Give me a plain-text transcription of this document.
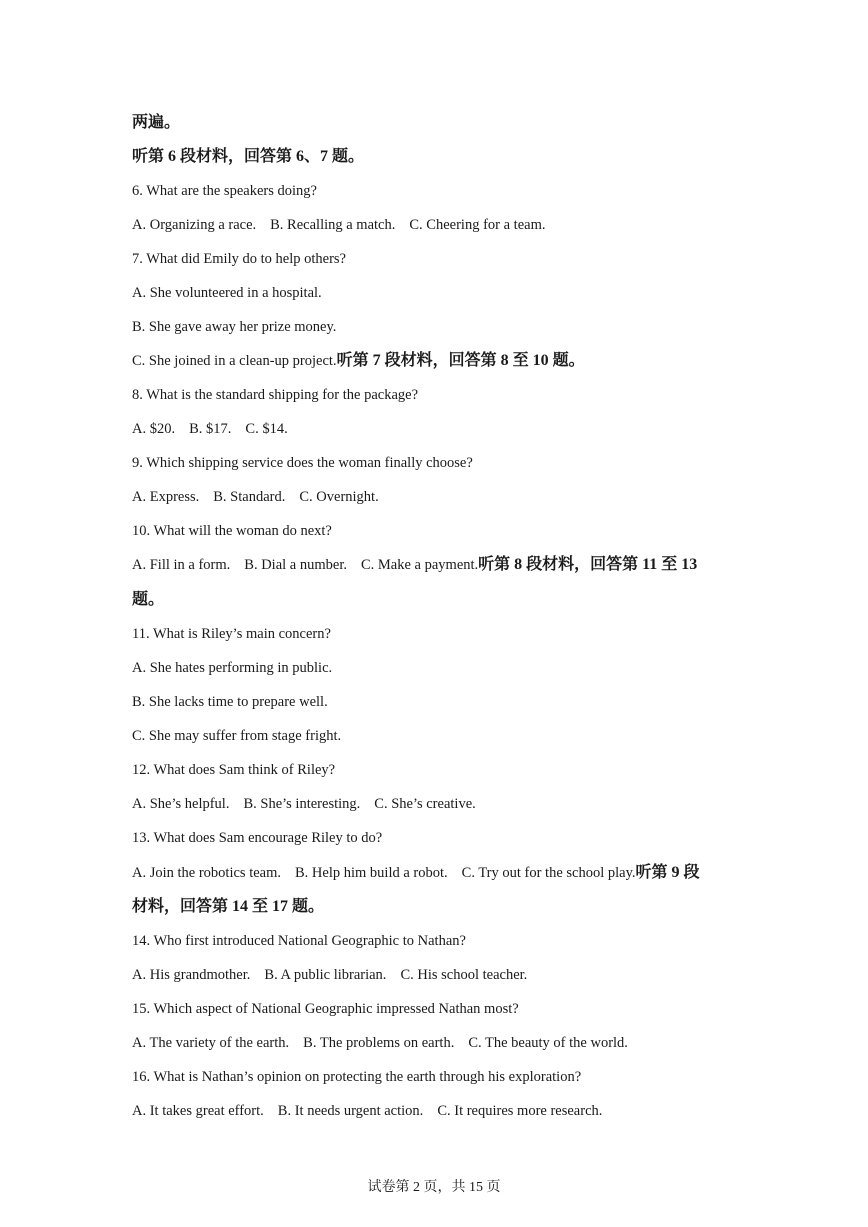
两遍。
听第 6 段材料，回答第 6、7 题。
6. What are the speakers doing?
A. Organizing a race. B. Recalling a match. C. Cheering for a team.
7. What did Emily do to help others?
A. She volunteered in a hospital.
B. She gave away her prize money.
C. She joined in a clean-up project.听第 7 段材料，回答第 8 至 10 题。
8. What is the standard shipping for the package?
A. $20. B. $17. C. $14.
9. Which shipping service does the woman finally choose?
A. Express. B. Standard. C. Overnight.
10. What will the woman do next?
A. Fill in a form. B. Dial a number. C. Make a payment.听第 8 段材料，回答第 11 至 13
题。
11. What is Riley’s main concern?
A. She hates performing in public.
B. She lacks time to prepare well.
C. She may suffer from stage fright.
12. What does Sam think of Riley?
A. She’s helpful. B. She’s interesting. C. She’s creative.
13. What does Sam encourage Riley to do?
A. Join the robotics team. B. Help him build a robot. C. Try out for the school play.听第 9 段
材料，回答第 14 至 17 题。
14. Who first introduced National Geographic to Nathan?
A. His grandmother. B. A public librarian. C. His school teacher.
15. Which aspect of National Geographic impressed Nathan most?
A. The variety of the earth. B. The problems on earth. C. The beauty of the world.
16. What is Nathan’s opinion on protecting the earth through his exploration?
A. It takes great effort. B. It needs urgent action. C. It requires more research.
试卷第 2 页，共 15 页
